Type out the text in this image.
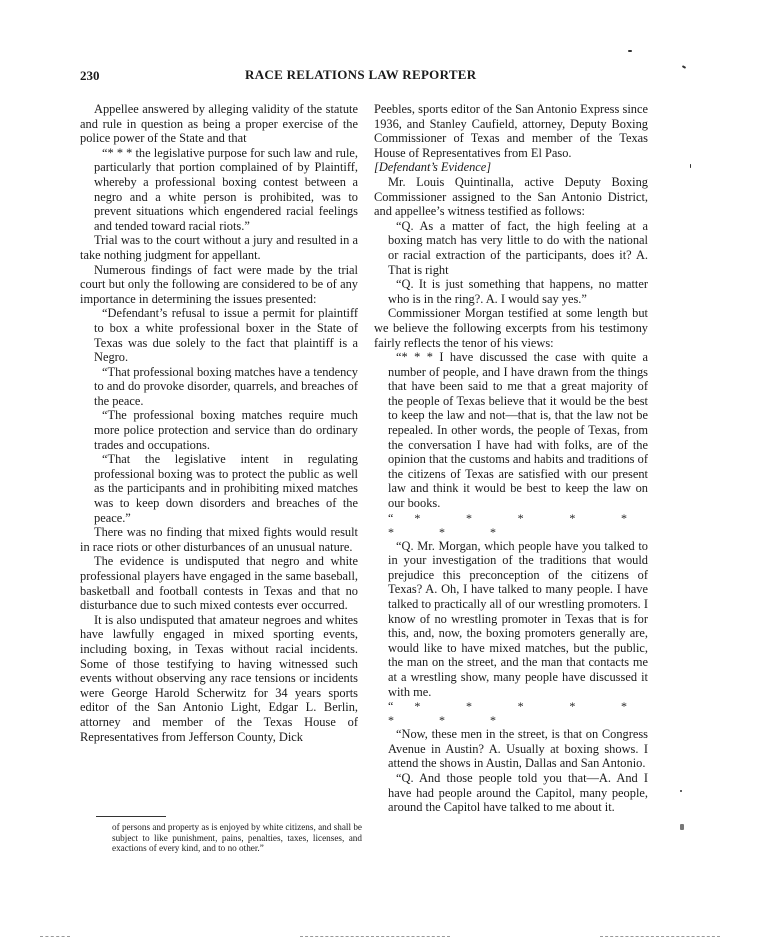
230	RACE RELATIONS LAW REPORTER

Appellee answered by alleging validity of the statute and rule in question as being a proper exercise of the police power of the State and that

“* * * the legislative purpose for such law and rule, particularly that portion complained of by Plaintiff, whereby a professional boxing contest between a negro and a white person is prohibited, was to prevent situations which engendered racial feelings and tended toward racial riots.”

Trial was to the court without a jury and resulted in a take nothing judgment for appellant.

Numerous findings of fact were made by the trial court but only the following are considered to be of any importance in determining the issues presented:

“Defendant’s refusal to issue a permit for plaintiff to box a white professional boxer in the State of Texas was due solely to the fact that plaintiff is a Negro.

“That professional boxing matches have a tendency to and do provoke disorder, quarrels, and breaches of the peace.

“The professional boxing matches require much more police protection and service than do ordinary trades and occupations.

“That the legislative intent in regulating professional boxing was to protect the public as well as the participants and in prohibiting mixed matches was to keep down disorders and breaches of the peace.”

There was no finding that mixed fights would result in race riots or other disturbances of an unusual nature.

The evidence is undisputed that negro and white professional players have engaged in the same baseball, basketball and football contests in Texas and that no disturbance due to such mixed contests ever occurred.

It is also undisputed that amateur negroes and whites have lawfully engaged in mixed sporting events, including boxing, in Texas without racial incidents. Some of those testifying to having witnessed such events without observing any race tensions or incidents were George Harold Scherwitz for 34 years sports editor of the San Antonio Light, Edgar L. Berlin, attorney and member of the Texas House of Representatives from Jefferson County, Dick

Peebles, sports editor of the San Antonio Express since 1936, and Stanley Caufield, attorney, Deputy Boxing Commissioner of Texas and member of the Texas House of Representatives from El Paso.

[Defendant’s Evidence]

Mr. Louis Quintinalla, active Deputy Boxing Commissioner assigned to the San Antonio District, and appellee’s witness testified as follows:

“Q. As a matter of fact, the high feeling at a boxing match has very little to do with the national or racial extraction of the participants, does it? A. That is right

“Q. It is just something that happens, no matter who is in the ring?. A. I would say yes.”

Commissioner Morgan testified at some length but we believe the following excerpts from his testimony fairly reflects the tenor of his views:

“* * * I have discussed the case with quite a number of people, and I have drawn from the things that have been said to me that a great majority of the people of Texas believe that it would be the best to keep the law and not—that is, that the law not be repealed. In other words, the people of Texas, from the conversation I have had with folks, are of the opinion that the customs and habits and traditions of the citizens of Texas are satisfied with our present law and think it would be best to keep the law on our books.

“* * * * * * * *

“Q. Mr. Morgan, which people have you talked to in your investigation of the traditions that would prejudice this preconception of the citizens of Texas? A. Oh, I have talked to many people. I have talked to practically all of our wrestling promoters. I know of no wrestling promoter in Texas that is for this, and, now, the boxing promoters generally are, would like to have mixed matches, but the public, the man on the street, and the man that contacts me at a wrestling show, many people have discussed it with me.

“* * * * * * * *

“Now, these men in the street, is that on Congress Avenue in Austin? A. Usually at boxing shows. I attend the shows in Austin, Dallas and San Antonio.

“Q. And those people told you that—A. And I have had people around the Capitol, many people, around the Capitol have talked to me about it.

of persons and property as is enjoyed by white citizens, and shall be subject to like punishment, pains, penalties, taxes, licenses, and exactions of every kind, and to no other.”
